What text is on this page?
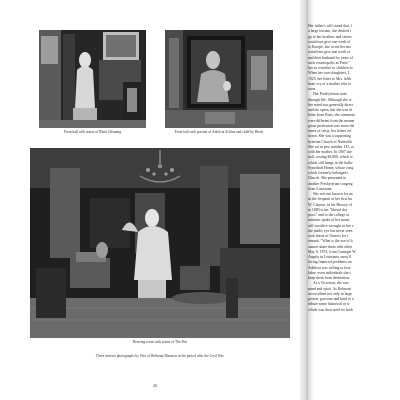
Front hall with statue of Rhett Gleaning	Front hall with portrait of Adelicia Acklen and child by Healy
Drawing room with statue of The Peri
These interior photographs by Otto of Belmont Mansion in the period after the Civil War.
20

Her father's will stated that, f

a large fortune, she desired t

go to her brothers and sisters

would not give one week of

to Europe, she wrote her mo

would not give one week of

and dear husband for years of

such a metropolis as Paris."

her as a mother to children fo

When her own daughters, L

1925, her letter to Mrs. Jobb

heart cry of a mother who lo

soon.

Her Presbyterian train

through life. Although she w

her mind was generally direct

and the opera, but she was al

letter from Paris, she comment

were different from the manne

gious profession was more the

times of crisis, her letters ref

donor. She was a supporting

byterian Church of Nashville

She sat in pew number 135, ro

with her mother. In 1867 she

hall, costing $3,000, which w

which still hangs in the hallw

Synodical Home, whose cong

which formerly belonged t

Church. She presented to

another Presbyterian congreg

from Louisiana.

She was not known for an

in the frequent of her first hu

W. Clayton, in his History of

in 1880 is her "liberal dor

poor," and to the college at

minister spoke of her many

self-sacrifice wrought in her s

the public eye has never seen

took feasts of flowers for t

remark, "What is the use of h

cannot share them with other

May 8, 1874, from Carnegie W

Angela in Louisiana, most fl

facing financial problems on

Adelicia was willing to lose

labor, even individuals she c

keep them from destitution.

As a Victorian, she was

mind and spirit. As Belmont

an excellent not only in large

person, gracious and kind to a

tribute some historical or w

which was then used for both
